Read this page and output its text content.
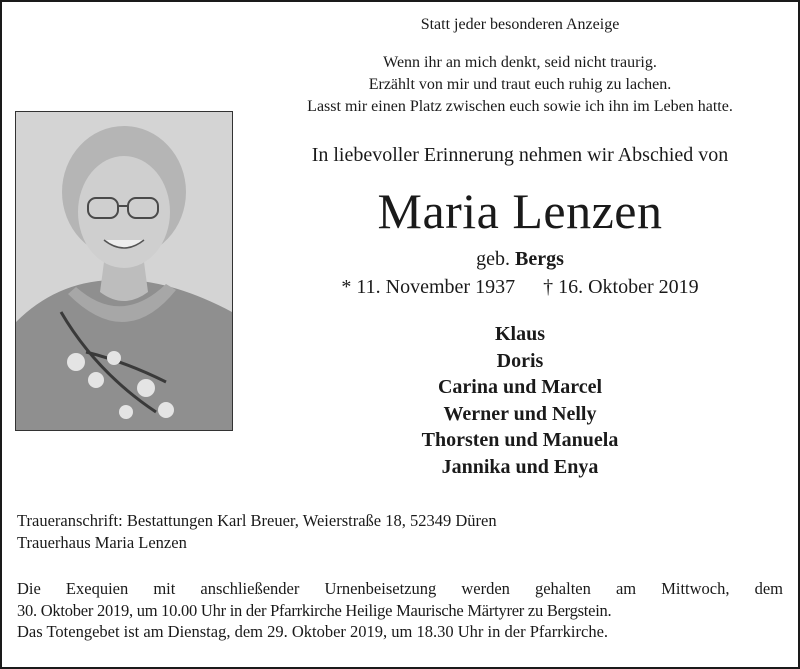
Statt jeder besonderen Anzeige
Wenn ihr an mich denkt, seid nicht traurig.
Erzählt von mir und traut euch ruhig zu lachen.
Lasst mir einen Platz zwischen euch sowie ich ihn im Leben hatte.
In liebevoller Erinnerung nehmen wir Abschied von
Maria Lenzen
geb. Bergs
* 11. November 1937 † 16. Oktober 2019
Klaus
Doris
Carina und Marcel
Werner und Nelly
Thorsten und Manuela
Jannika und Enya
Traueranschrift: Bestattungen Karl Breuer, Weierstraße 18, 52349 Düren
Trauerhaus Maria Lenzen
Die Exequien mit anschließender Urnenbeisetzung werden gehalten am Mittwoch, dem
30. Oktober 2019, um 10.00 Uhr in der Pfarrkirche Heilige Maurische Märtyrer zu Bergstein.
Das Totengebet ist am Dienstag, dem 29. Oktober 2019, um 18.30 Uhr in der Pfarrkirche.
